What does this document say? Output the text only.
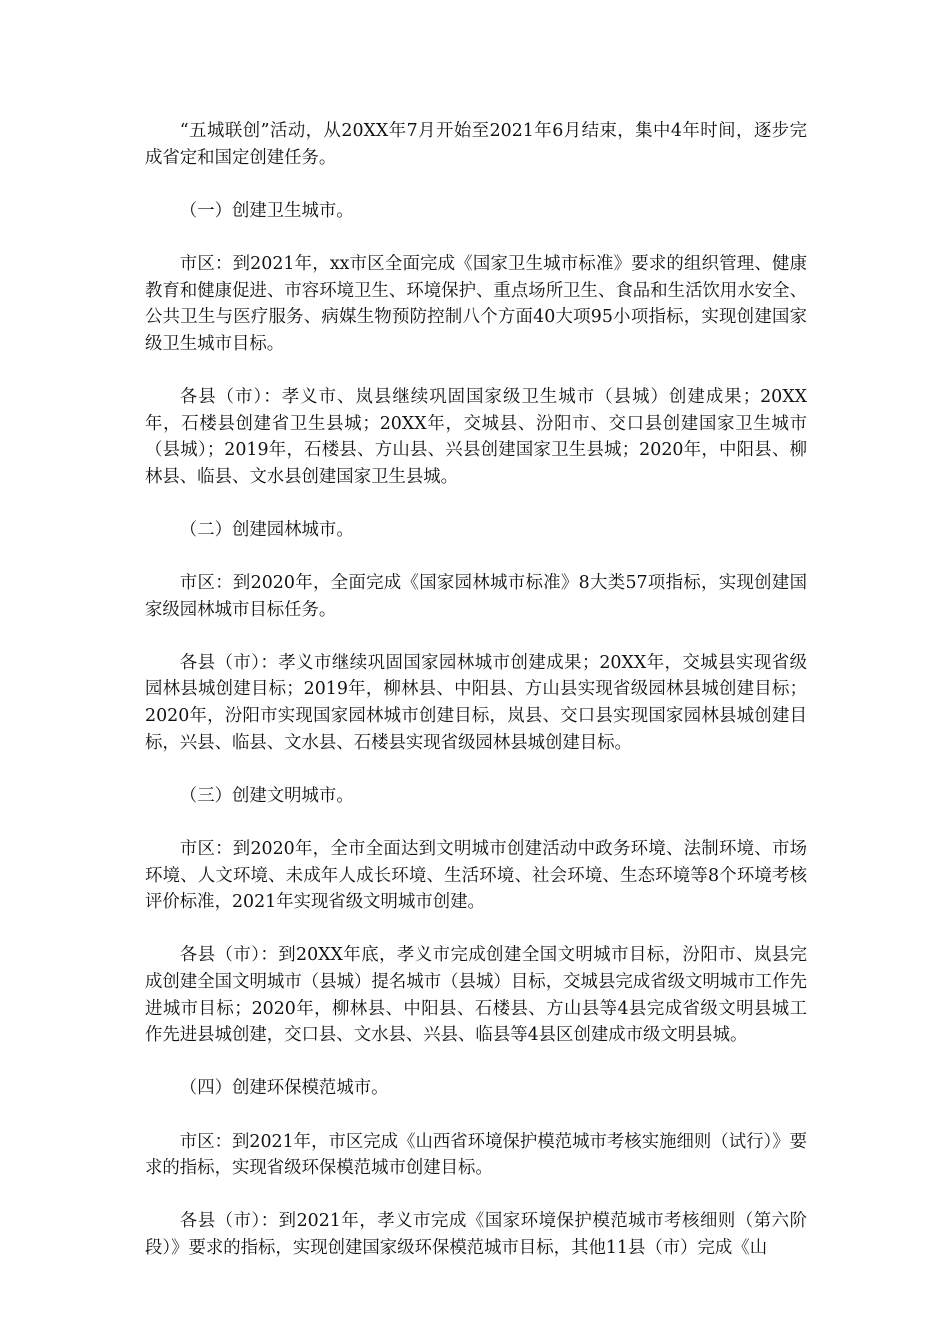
“五城联创”活动，从20XX年7月开始至2021年6月结束，集中4年时间，逐步完成省定和国定创建任务。

（一）创建卫生城市。

市区：到2021年，xx市区全面完成《国家卫生城市标准》要求的组织管理、健康教育和健康促进、市容环境卫生、环境保护、重点场所卫生、食品和生活饮用水安全、公共卫生与医疗服务、病媒生物预防控制八个方面40大项95小项指标，实现创建国家级卫生城市目标。

各县（市）：孝义市、岚县继续巩固国家级卫生城市（县城）创建成果；20XX年，石楼县创建省卫生县城；20XX年，交城县、汾阳市、交口县创建国家卫生城市（县城）；2019年，石楼县、方山县、兴县创建国家卫生县城；2020年，中阳县、柳林县、临县、文水县创建国家卫生县城。

（二）创建园林城市。

市区：到2020年，全面完成《国家园林城市标准》8大类57项指标，实现创建国家级园林城市目标任务。

各县（市）：孝义市继续巩固国家园林城市创建成果；20XX年，交城县实现省级园林县城创建目标；2019年，柳林县、中阳县、方山县实现省级园林县城创建目标；2020年，汾阳市实现国家园林城市创建目标，岚县、交口县实现国家园林县城创建目标，兴县、临县、文水县、石楼县实现省级园林县城创建目标。

（三）创建文明城市。

市区：到2020年，全市全面达到文明城市创建活动中政务环境、法制环境、市场环境、人文环境、未成年人成长环境、生活环境、社会环境、生态环境等8个环境考核评价标准，2021年实现省级文明城市创建。

各县（市）：到20XX年底，孝义市完成创建全国文明城市目标，汾阳市、岚县完成创建全国文明城市（县城）提名城市（县城）目标，交城县完成省级文明城市工作先进城市目标；2020年，柳林县、中阳县、石楼县、方山县等4县完成省级文明县城工作先进县城创建，交口县、文水县、兴县、临县等4县区创建成市级文明县城。

（四）创建环保模范城市。

市区：到2021年，市区完成《山西省环境保护模范城市考核实施细则（试行）》要求的指标，实现省级环保模范城市创建目标。

各县（市）：到2021年，孝义市完成《国家环境保护模范城市考核细则（第六阶段）》要求的指标，实现创建国家级环保模范城市目标，其他11县（市）完成《山
